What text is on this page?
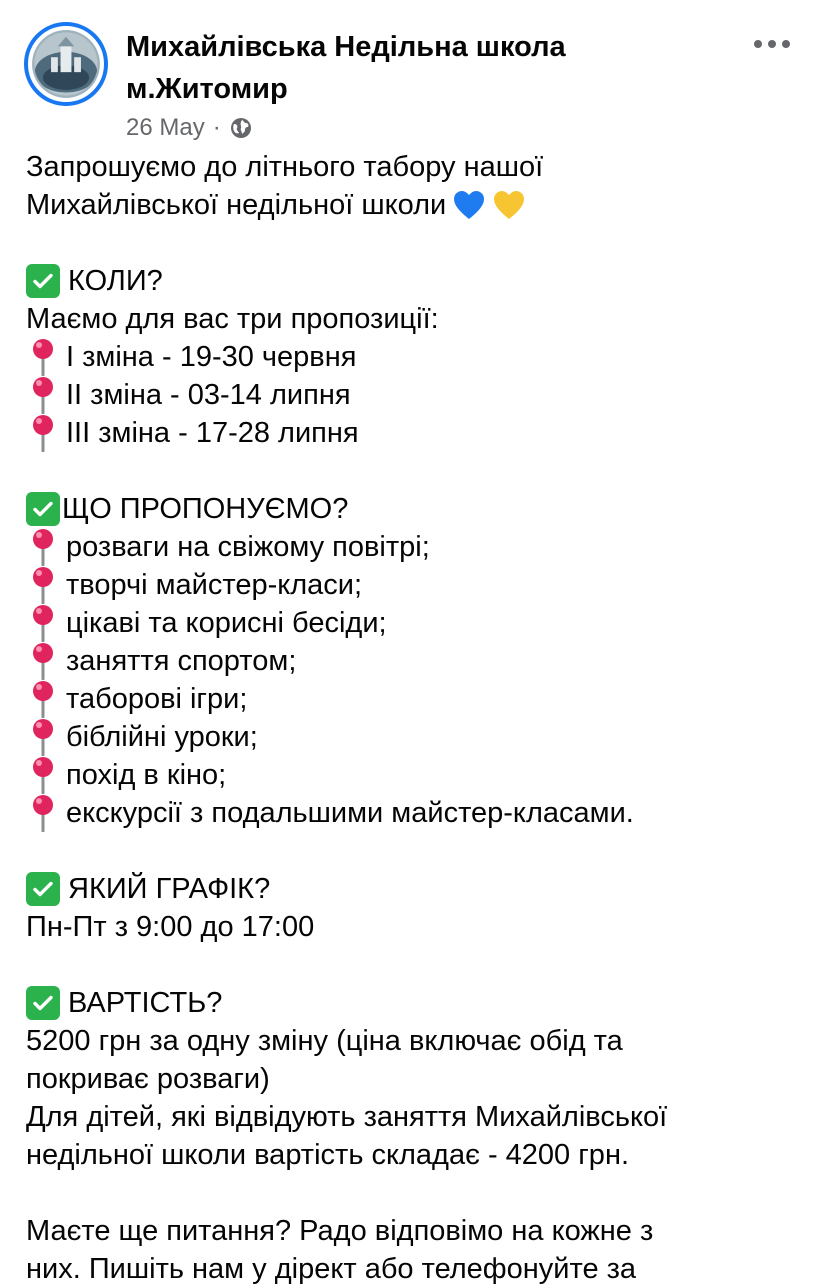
Михайлівська Недільна школа м.Житомир
26 May ·
Запрошуємо до літнього табору нашої
Михайлівської недільної школи
КОЛИ?
Маємо для вас три пропозиції:
I зміна - 19-30 червня
II зміна - 03-14 липня
III зміна - 17-28 липня
ЩО ПРОПОНУЄМО?
розваги на свіжому повітрі;
творчі майстер-класи;
цікаві та корисні бесіди;
заняття спортом;
таборові ігри;
біблійні уроки;
похід в кіно;
екскурсії з подальшими майстер-класами.
ЯКИЙ ГРАФІК?
Пн-Пт з 9:00 до 17:00
ВАРТІСТЬ?
5200 грн за одну зміну (ціна включає обід та
покриває розваги)
Для дітей, які відвідують заняття Михайлівської
недільної школи вартість складає - 4200 грн.
Маєте ще питання? Радо відповімо на кожне з
них. Пишіть нам у дірект або телефонуйте за
